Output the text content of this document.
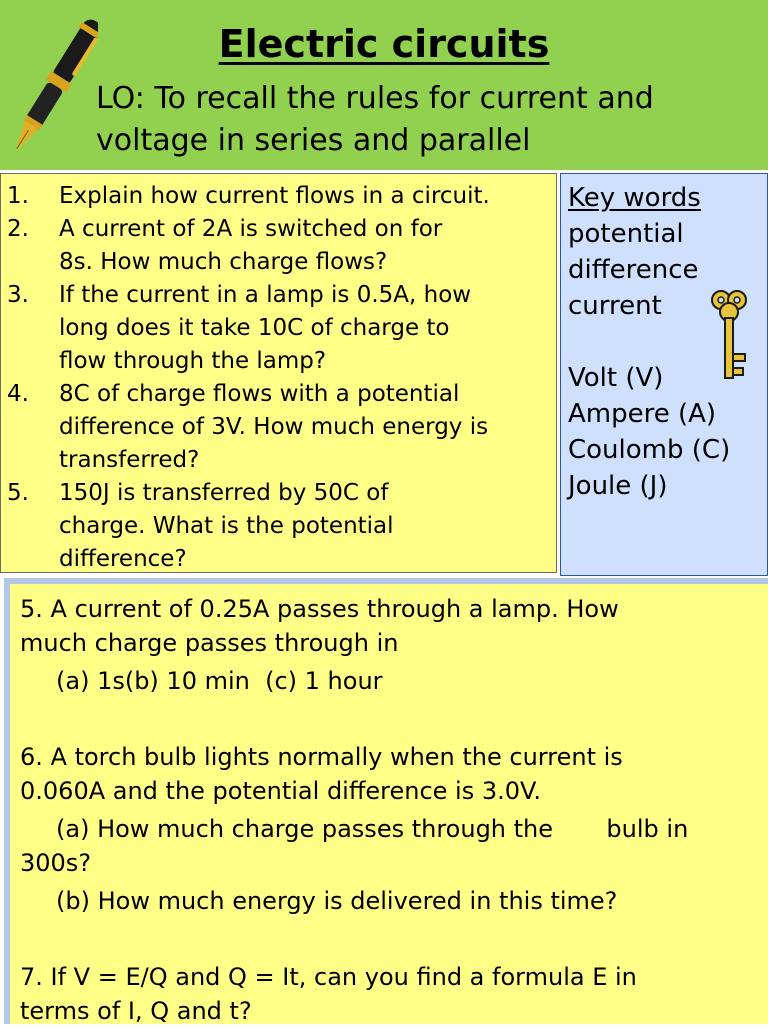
Electric circuits
LO: To recall the rules for current and
voltage in series and parallel
1.	Explain how current flows in a circuit.
2.	A current of 2A is switched on for
8s. How much charge flows?
3.	If the current in a lamp is 0.5A, how
long does it take 10C of charge to
flow through the lamp?
4.	8C of charge flows with a potential
difference of 3V. How much energy is
transferred?
5.	150J is transferred by 50C of
charge. What is the potential
difference?
Key words
potential
difference
current
Volt (V)
Ampere (A)
Coulomb (C)
Joule (J)
5. A current of 0.25A passes through a lamp. How
much charge passes through in
(a) 1s(b) 10 min  (c) 1 hour
6. A torch bulb lights normally when the current is
0.060A and the potential difference is 3.0V.
(a) How much charge passes through the       bulb in
300s?
(b) How much energy is delivered in this time?
7. If V = E/Q and Q = It, can you find a formula E in
terms of I, Q and t?
